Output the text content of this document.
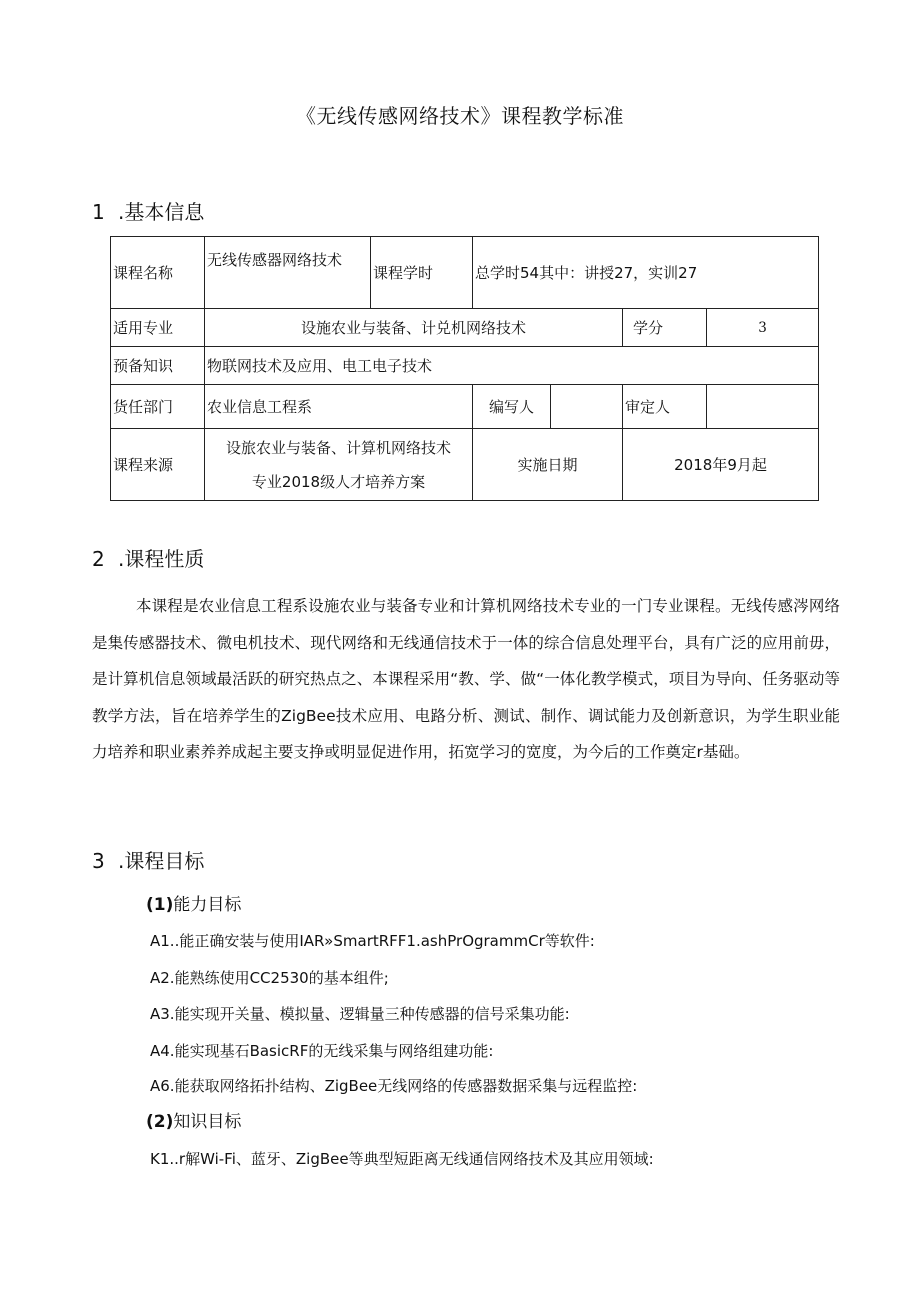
《无线传感网络技术》课程教学标准
1 .基本信息
课程名称	无线传感器网络技术	课程学时	总学时54其中：讲授27，实训27			
适用专业	设施农业与装备、计兑机网络技术				学分	3
预备知识	物联网技术及应用、电工电子技术					
货任部门	农业信息工程系		编写人		审定人	
课程来源	设旅农业与装备、计算机网络技术
专业2018级人才培养方案		实施日期		2018年9月起	
2 .课程性质

本课程是农业信息工程系设施农业与装备专业和计算机网络技术专业的一门专业课程。无线传感涔网络是集传感器技术、微电机技术、现代网络和无线通信技术于一体的综合信息处理平台，具有广泛的应用前毋，是计算机信息领域最活跃的研究热点之、本课程采用“教、学、做“一体化教学模式，项目为导向、任务驱动等教学方法，旨在培养学生的ZigBee技术应用、电路分析、测试、制作、调试能力及创新意识，为学生职业能力培养和职业素养养成起主要支挣或明显促进作用，拓宽学习的宽度，为今后的工作奠定r基础。

3 .课程目标

(1)能力目标

A1..能正确安装与使用IAR»SmartRFF1.ashPrOgrammCr等软件:

A2.能熟练使用CC2530的基本组件;

A3.能实现开关量、模拟量、逻辑量三种传感器的信号采集功能:

A4.能实现基石BasicRF的无线采集与网络组建功能:

A6.能获取网络拓扑结构、ZigBee无线网络的传感器数据采集与远程监控:

(2)知识目标

K1..r解Wi-Fi、蓝牙、ZigBee等典型短距离无线通信网络技术及其应用领域:
